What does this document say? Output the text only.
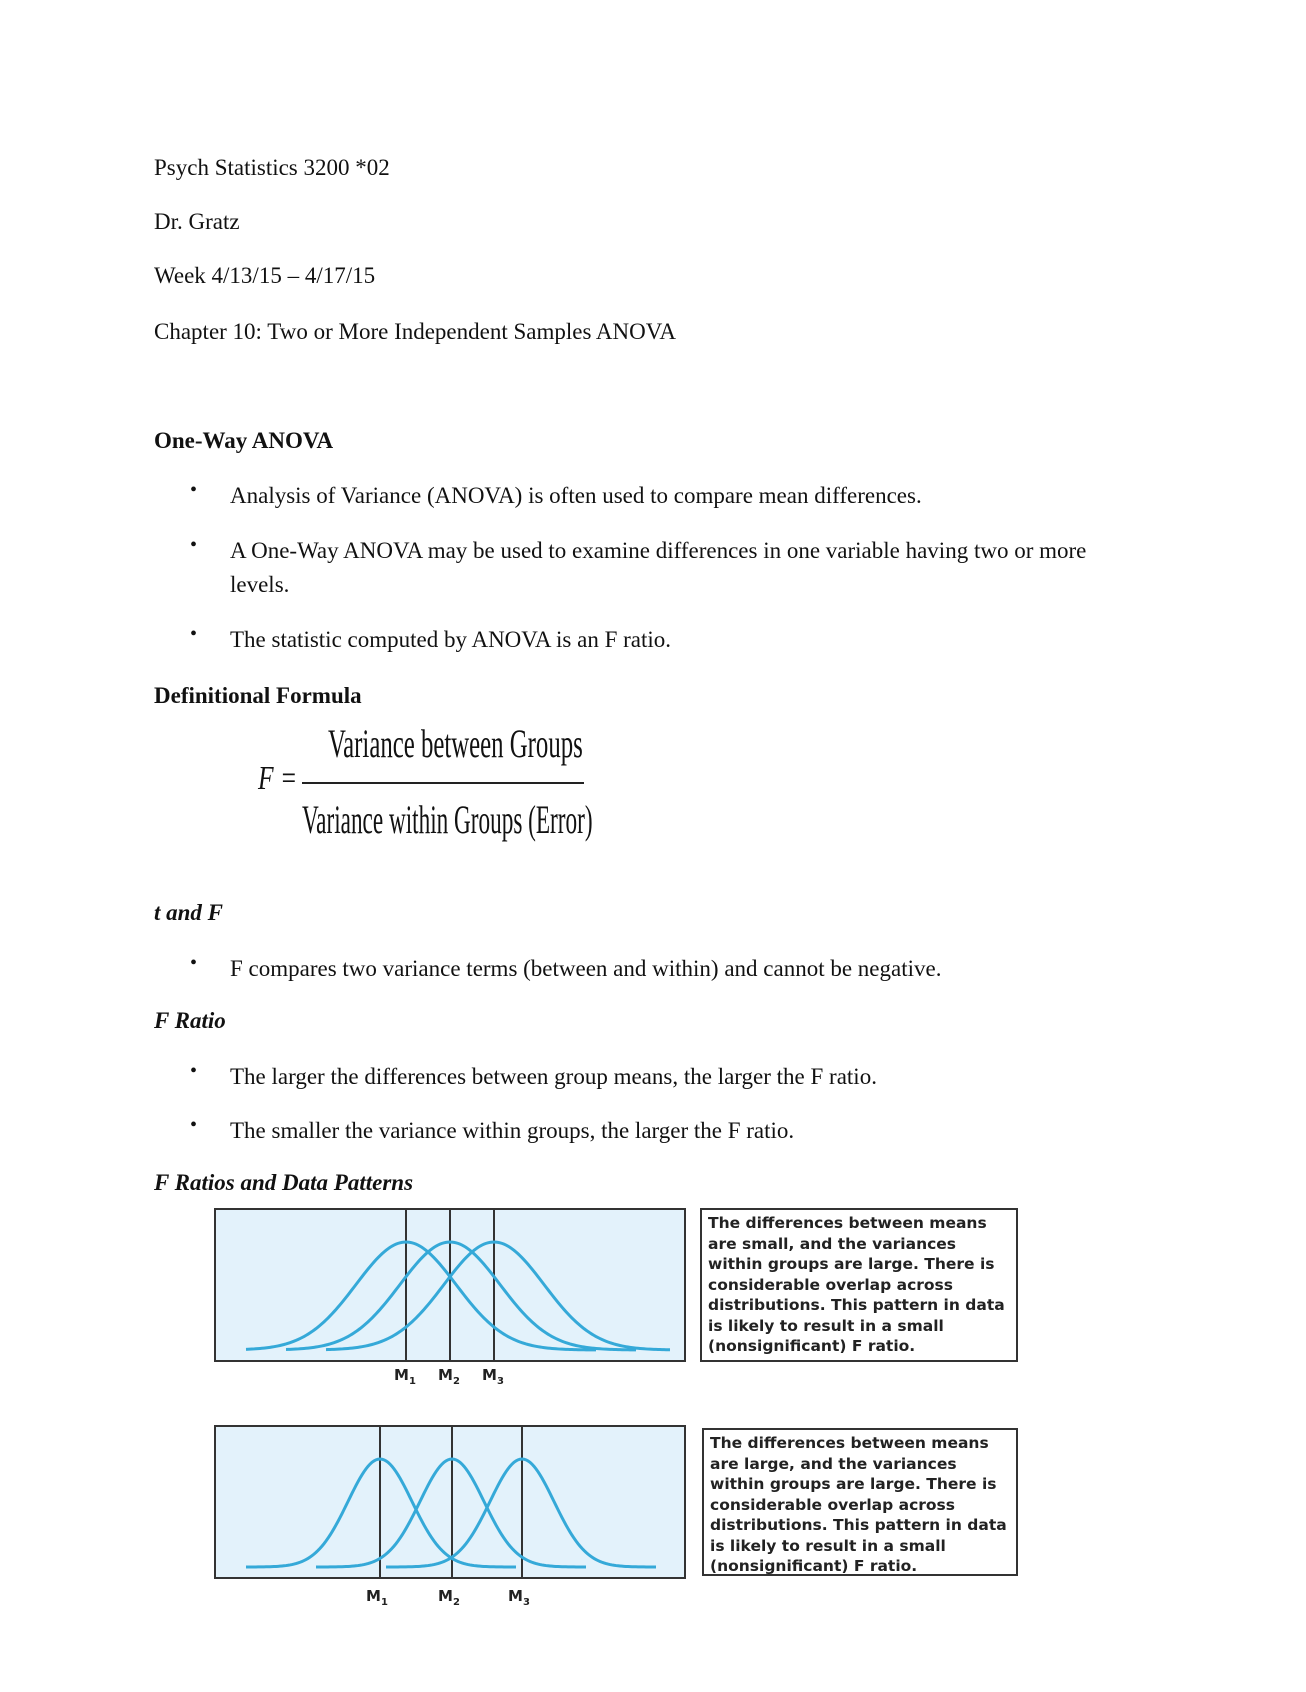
Psych Statistics 3200 *02
Dr. Gratz
Week 4/13/15 – 4/17/15
Chapter 10: Two or More Independent Samples ANOVA
One-Way ANOVA
• Analysis of Variance (ANOVA) is often used to compare mean differences.
• A One-Way ANOVA may be used to examine differences in one variable having two or more levels.
• The statistic computed by ANOVA is an F ratio.
Definitional Formula
F =
Variance between Groups
Variance within Groups (Error)
t and F
• F compares two variance terms (between and within) and cannot be negative.
F Ratio
• The larger the differences between group means, the larger the F ratio.
• The smaller the variance within groups, the larger the F ratio.
F Ratios and Data Patterns
$M_1$ $M_2$ $M_3$
The differences between means are small, and the variances within groups are large. There is considerable overlap across distributions. This pattern in data is likely to result in a small (nonsignificant) F ratio.
$M_1$	$M_2$	$M_3$
The differences between means are large, and the variances within groups are large. There is considerable overlap across distributions. This pattern in data is likely to result in a small (nonsignificant) F ratio.
